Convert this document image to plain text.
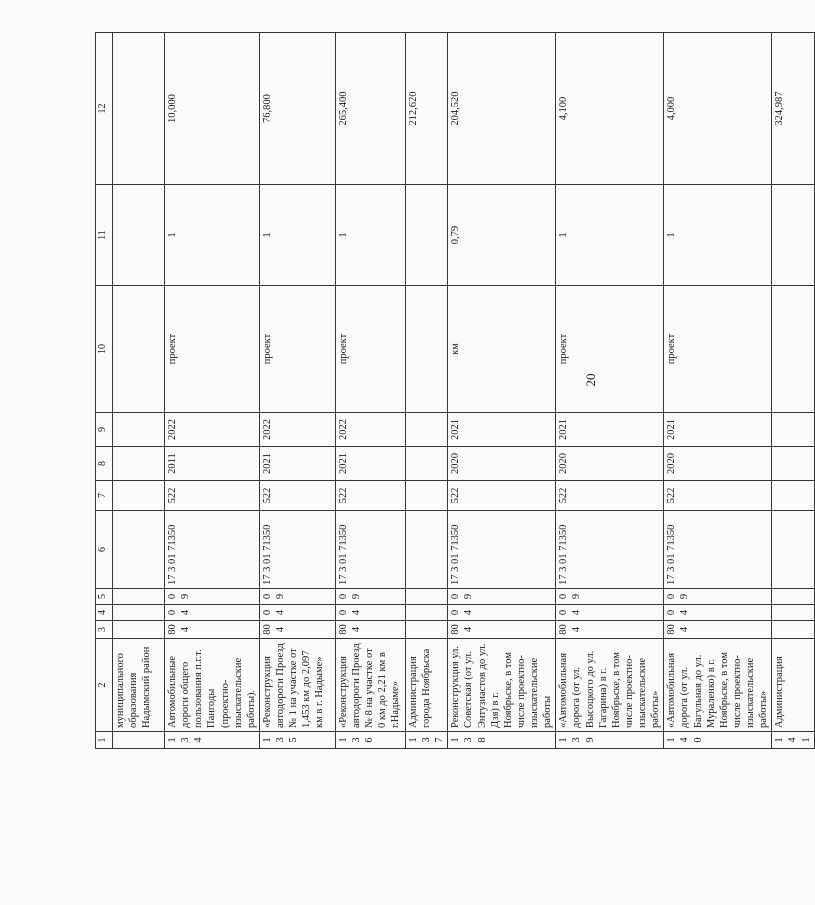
20
1	2	3	4	5	6	7	8	9	10	11	12
	муниципального образования Надымский район										
134	Автомобильные дороги общего пользования п.г.т. Пангоды (проектно-изыскательские работы).	804	04	09	17 3 01 71350	522	2011	2022	проект	1	10,000
135	«Реконструкция автодороги Проезд № 1 на участке от 1,453 км до 2,097 км в г. Надыме»	804	04	09	17 3 01 71350	522	2021	2022	проект	1	76,800
136	«Реконструкция автодороги Проезд № 8 на участке от 0 км до 2,21 км в г.Надыме»	804	04	09	17 3 01 71350	522	2021	2022	проект	1	265,400
137	Администрация города Ноябрьска										212,620
138	Реконструкция ул. Советская (от ул. Энтузиастов до ул. Дзя) в г. Ноябрьске, в том числе проектно-изыскательские работы	804	04	09	17 3 01 71350	522	2020	2021	км	0,79	204,520
139	«Автомобильная дорога (от ул. Высоцкого до ул. Гагарина) в г. Ноябрьске, в том числе проектно-изыскательские работы»	804	04	09	17 3 01 71350	522	2020	2021	проект	1	4,100
140	«Автомобильная дорога (от ул. Багульная до ул. Мураленко) в г. Ноябрьске, в том числе проектно-изыскательские работы»	804	04	09	17 3 01 71350	522	2020	2021	проект	1	4,000
141	Администрация										324,987
